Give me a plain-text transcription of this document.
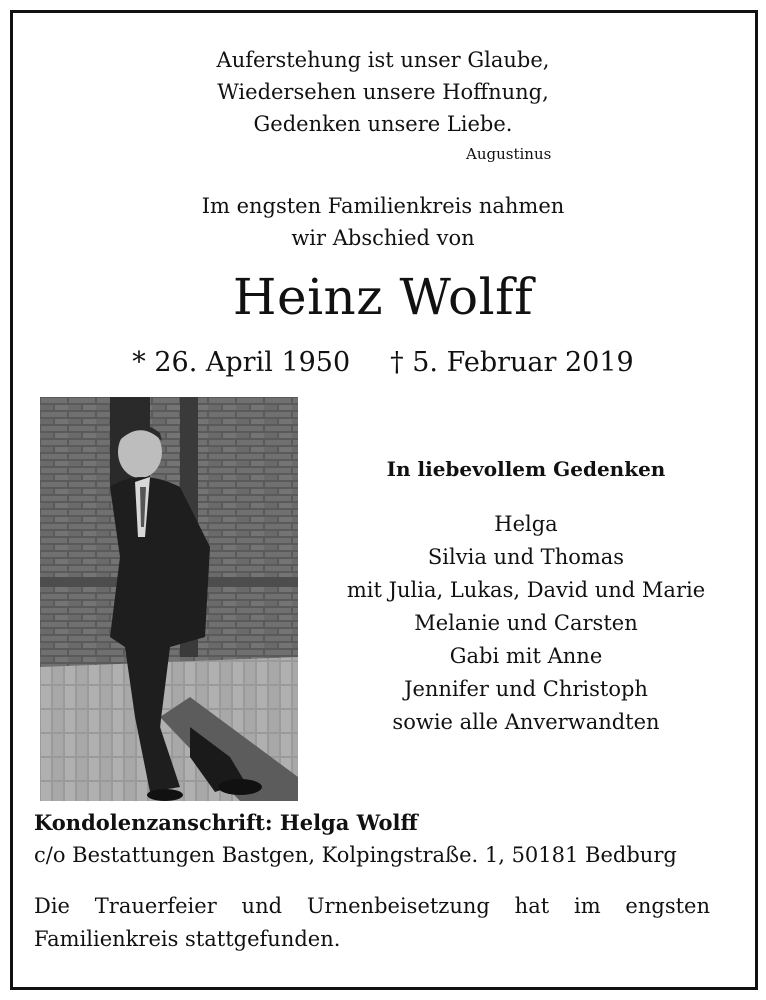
Auferstehung ist unser Glaube,
Wiedersehen unsere Hoffnung,
Gedenken unsere Liebe.
Augustinus
Im engsten Familienkreis nahmen
wir Abschied von
Heinz Wolff
* 26. April 1950 † 5. Februar 2019
In liebevollem Gedenken
Helga
Silvia und Thomas
mit Julia, Lukas, David und Marie
Melanie und Carsten
Gabi mit Anne
Jennifer und Christoph
sowie alle Anverwandten
Kondolenzanschrift: Helga Wolff
c/o Bestattungen Bastgen, Kolpingstraße. 1, 50181 Bedburg
Die Trauerfeier und Urnenbeisetzung hat im engsten Familienkreis stattgefunden.
